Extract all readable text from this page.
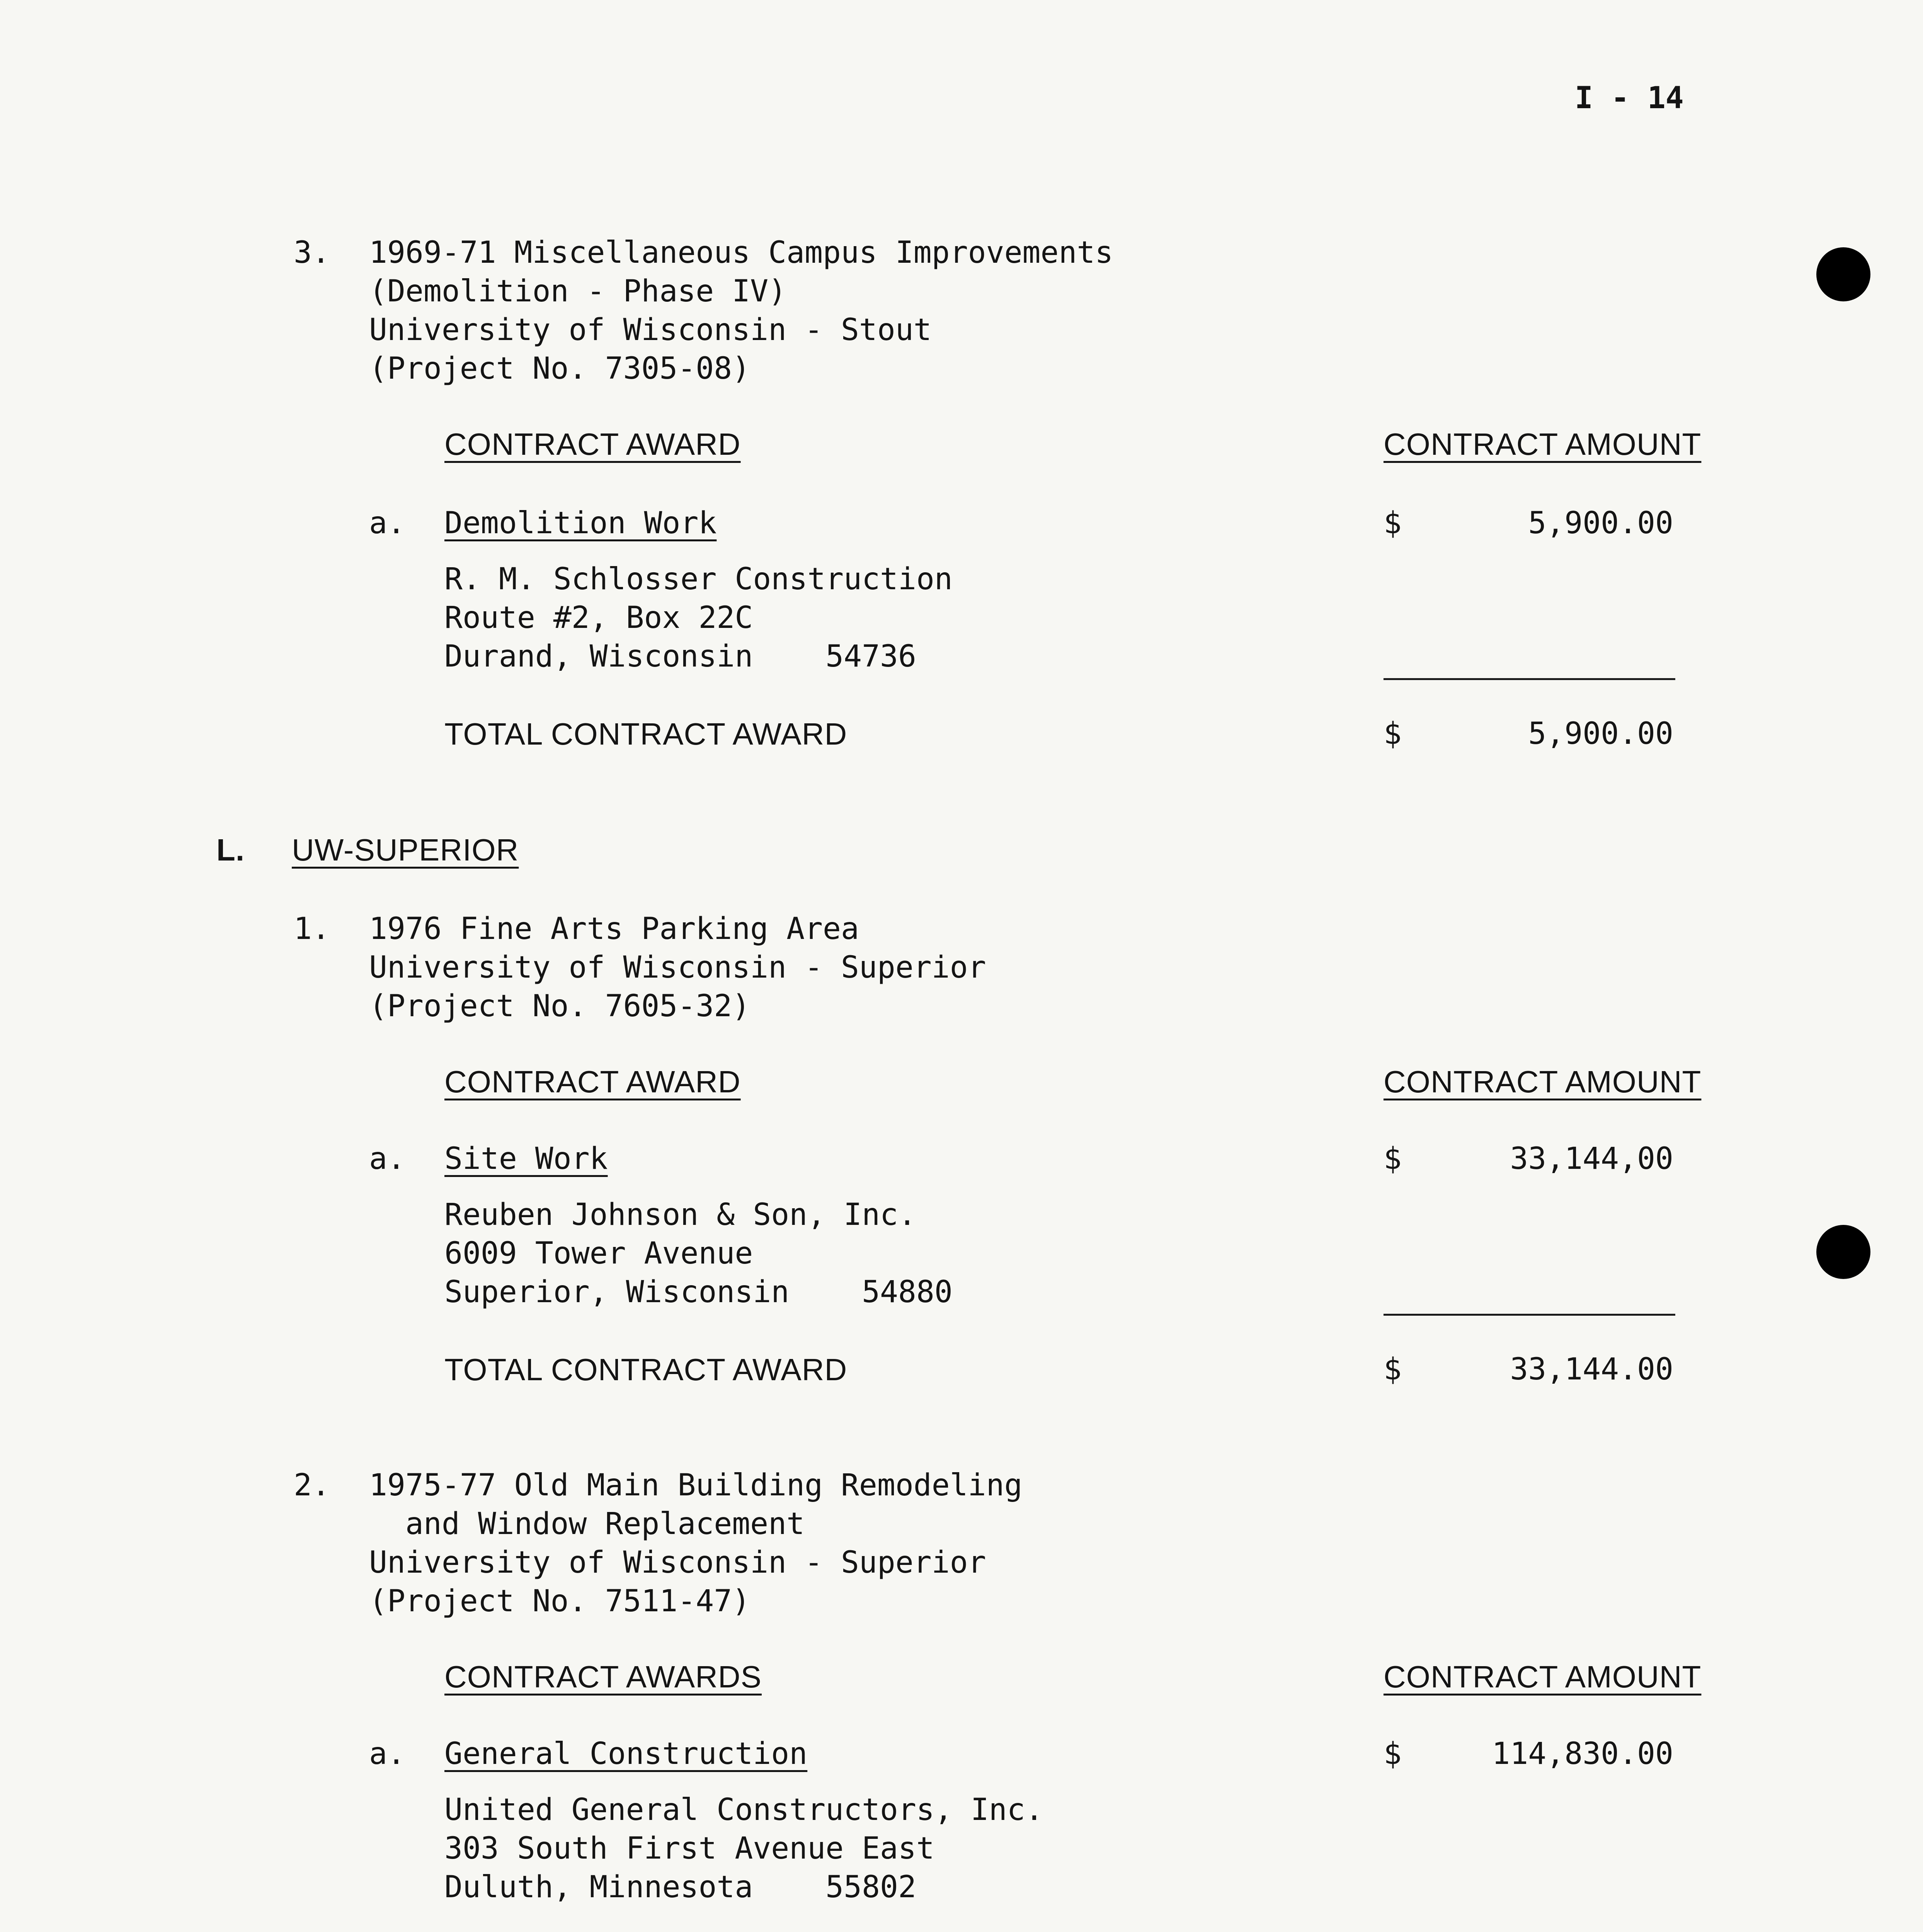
I - 14
3. 1969-71 Miscellaneous Campus Improvements
(Demolition - Phase IV)
University of Wisconsin - Stout
(Project No. 7305-08)
CONTRACT AWARD	CONTRACT AMOUNT
a. Demolition Work	$	5,900.00
R. M. Schlosser Construction
Route #2, Box 22C
Durand, Wisconsin    54736
TOTAL CONTRACT AWARD	$	5,900.00
L. UW-SUPERIOR
1. 1976 Fine Arts Parking Area
University of Wisconsin - Superior
(Project No. 7605-32)
CONTRACT AWARD	CONTRACT AMOUNT
a. Site Work	$	33,144,00
Reuben Johnson & Son, Inc.
6009 Tower Avenue
Superior, Wisconsin    54880
TOTAL CONTRACT AWARD	$	33,144.00
2. 1975-77 Old Main Building Remodeling
and Window Replacement
University of Wisconsin - Superior
(Project No. 7511-47)
CONTRACT AWARDS	CONTRACT AMOUNT
a. General Construction	$	114,830.00
United General Constructors, Inc.
303 South First Avenue East
Duluth, Minnesota    55802
